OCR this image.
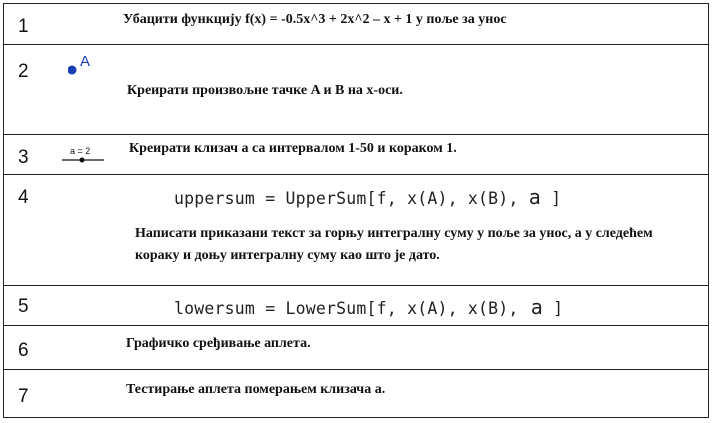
1	Убацити функцију f(x) = -0.5x^3 + 2x^2 – x + 1 у поље за унос
2	A
Креирати произвољне тачке A и B на x-оси.
3	a = 2	Креирати клизач a са интервалом 1-50 и кораком 1.
4	uppersum = UpperSum[f, x(A), x(B), a ]
Написати приказани текст за горњу интегралну суму у поље за унос, а у следећем кораку и доњу интегралну суму као што је дато.
5	lowersum = LowerSum[f, x(A), x(B), a ]
6	Графичко сређивање аплета.
7	Тестирање аплета померањем клизача a.
